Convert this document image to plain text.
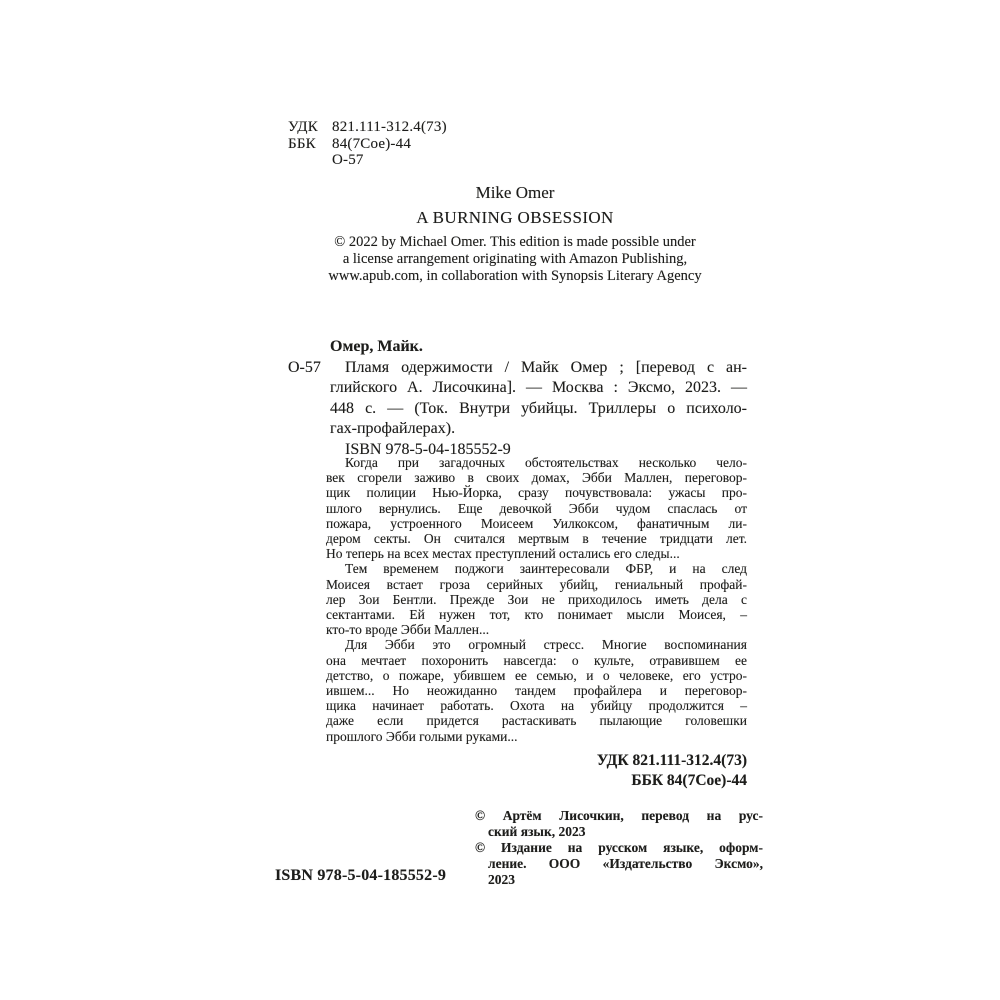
УДК 821.111-312.4(73)
ББК 84(7Сое)-44
О-57
Mike Omer
A BURNING OBSESSION
© 2022 by Michael Omer. This edition is made possible under
a license arrangement originating with Amazon Publishing,
www.apub.com, in collaboration with Synopsis Literary Agency
Омер, Майк.
О-57	Пламя одержимости / Майк Омер ; [перевод с ан-
глийского А. Лисочкина]. — Москва : Эксмо, 2023. —
448 с. — (Ток. Внутри убийцы. Триллеры о психоло-
гах-профайлерах).
ISBN 978-5-04-185552-9
Когда при загадочных обстоятельствах несколько чело-
век сгорели заживо в своих домах, Эбби Маллен, переговор-
щик полиции Нью-Йорка, сразу почувствовала: ужасы про-
шлого вернулись. Еще девочкой Эбби чудом спаслась от
пожара, устроенного Моисеем Уилкоксом, фанатичным ли-
дером секты. Он считался мертвым в течение тридцати лет.
Но теперь на всех местах преступлений остались его следы...
Тем временем поджоги заинтересовали ФБР, и на след
Моисея встает гроза серийных убийц, гениальный профай-
лер Зои Бентли. Прежде Зои не приходилось иметь дела с
сектантами. Ей нужен тот, кто понимает мысли Моисея, –
кто-то вроде Эбби Маллен...
Для Эбби это огромный стресс. Многие воспоминания
она мечтает похоронить навсегда: о культе, отравившем ее
детство, о пожаре, убившем ее семью, и о человеке, его устро-
ившем... Но неожиданно тандем профайлера и переговор-
щика начинает работать. Охота на убийцу продолжится –
даже если придется растаскивать пылающие головешки
прошлого Эбби голыми руками...
УДК 821.111-312.4(73)
ББК 84(7Сое)-44
© Артём Лисочкин, перевод на рус-
ский язык, 2023
© Издание на русском языке, оформ-
ление. ООО «Издательство Эксмо»,
2023
ISBN 978-5-04-185552-9
